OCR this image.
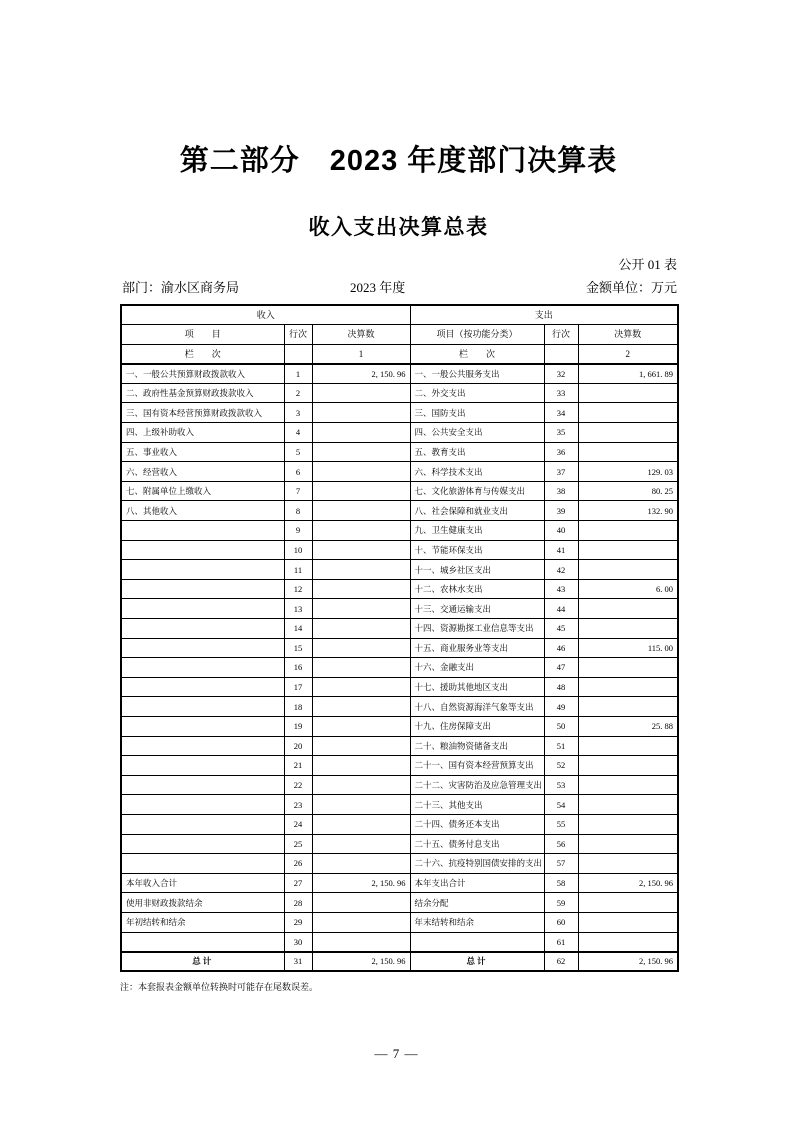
第二部分　2023 年度部门决算表
收入支出决算总表
公开 01 表
部门：渝水区商务局	2023 年度	金额单位：万元
收入			支出		
项　　目	行次	决算数	项目（按功能分类）	行次	决算数
栏　　次		1	栏　　次		2
一、一般公共预算财政拨款收入	1	2, 150. 96	一、一般公共服务支出	32	1, 661. 89
二、政府性基金预算财政拨款收入	2		二、外交支出	33	
三、国有资本经营预算财政拨款收入	3		三、国防支出	34	
四、上级补助收入	4		四、公共安全支出	35	
五、事业收入	5		五、教育支出	36	
六、经营收入	6		六、科学技术支出	37	129. 03
七、附属单位上缴收入	7		七、文化旅游体育与传媒支出	38	80. 25
八、其他收入	8		八、社会保障和就业支出	39	132. 90
	9		九、卫生健康支出	40	
	10		十、节能环保支出	41	
	11		十一、城乡社区支出	42	
	12		十二、农林水支出	43	6. 00
	13		十三、交通运输支出	44	
	14		十四、资源勘探工业信息等支出	45	
	15		十五、商业服务业等支出	46	115. 00
	16		十六、金融支出	47	
	17		十七、援助其他地区支出	48	
	18		十八、自然资源海洋气象等支出	49	
	19		十九、住房保障支出	50	25. 88
	20		二十、粮油物资储备支出	51	
	21		二十一、国有资本经营预算支出	52	
	22		二十二、灾害防治及应急管理支出	53	
	23		二十三、其他支出	54	
	24		二十四、债务还本支出	55	
	25		二十五、债务付息支出	56	
	26		二十六、抗疫特别国债安排的支出	57	
本年收入合计	27	2, 150. 96	本年支出合计	58	2, 150. 96
使用非财政拨款结余	28		结余分配	59	
年初结转和结余	29		年末结转和结余	60	
	30			61	
总计	31	2, 150. 96	总计	62	2, 150. 96
注：本套报表金额单位转换时可能存在尾数误差。
— 7 —
